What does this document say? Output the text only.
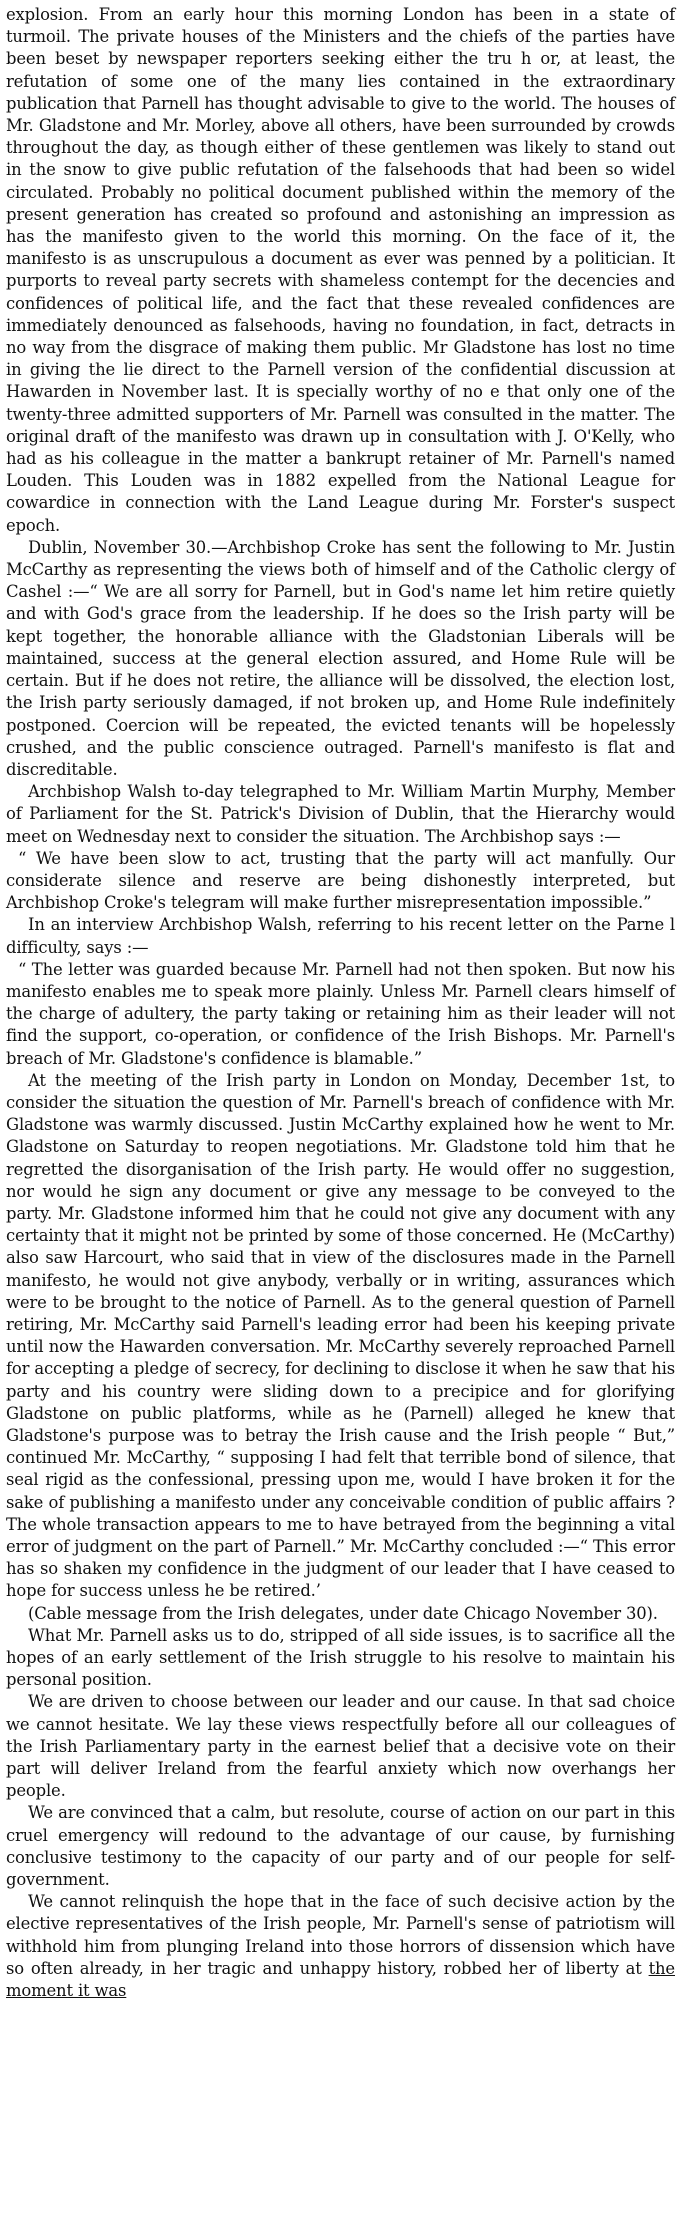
explosion. From an early hour this morning London has been in a state of turmoil. The private houses of the Ministers and the chiefs of the parties have been beset by newspaper reporters seeking either the tru h or, at least, the refutation of some one of the many lies contained in the extraordinary publication that Parnell has thought advisable to give to the world. The houses of Mr. Gladstone and Mr. Morley, above all others, have been surrounded by crowds throughout the day, as though either of these gentlemen was likely to stand out in the snow to give public refutation of the falsehoods that had been so widel circulated. Probably no political document published within the memory of the present generation has created so profound and astonishing an impression as has the manifesto given to the world this morning. On the face of it, the manifesto is as unscrupulous a document as ever was penned by a politician. It purports to reveal party secrets with shameless contempt for the decencies and confidences of political life, and the fact that these revealed confidences are immediately denounced as falsehoods, having no foundation, in fact, detracts in no way from the disgrace of making them public. Mr Gladstone has lost no time in giving the lie direct to the Parnell version of the confidential discussion at Hawarden in November last. It is specially worthy of no e that only one of the twenty-three admitted supporters of Mr. Parnell was consulted in the matter. The original draft of the manifesto was drawn up in consultation with J. O'Kelly, who had as his colleague in the matter a bankrupt retainer of Mr. Parnell's named Louden. This Louden was in 1882 expelled from the National League for cowardice in connection with the Land League during Mr. Forster's suspect epoch.

Dublin, November 30.—Archbishop Croke has sent the following to Mr. Justin McCarthy as representing the views both of himself and of the Catholic clergy of Cashel :—“ We are all sorry for Parnell, but in God's name let him retire quietly and with God's grace from the leadership. If he does so the Irish party will be kept together, the honorable alliance with the Gladstonian Liberals will be maintained, success at the general election assured, and Home Rule will be certain. But if he does not retire, the alliance will be dissolved, the election lost, the Irish party seriously damaged, if not broken up, and Home Rule indefinitely postponed. Coercion will be repeated, the evicted tenants will be hopelessly crushed, and the public conscience outraged. Parnell's manifesto is flat and discreditable.

Archbishop Walsh to-day telegraphed to Mr. William Martin Murphy, Member of Parliament for the St. Patrick's Division of Dublin, that the Hierarchy would meet on Wednesday next to consider the situation. The Archbishop says :—

“ We have been slow to act, trusting that the party will act manfully. Our considerate silence and reserve are being dishonestly interpreted, but Archbishop Croke's telegram will make further misrepresentation impossible.”

In an interview Archbishop Walsh, referring to his recent letter on the Parne l difficulty, says :—

“ The letter was guarded because Mr. Parnell had not then spoken. But now his manifesto enables me to speak more plainly. Unless Mr. Parnell clears himself of the charge of adultery, the party taking or retaining him as their leader will not find the support, co-operation, or confidence of the Irish Bishops. Mr. Parnell's breach of Mr. Gladstone's confidence is blamable.”

At the meeting of the Irish party in London on Monday, December 1st, to consider the situation the question of Mr. Parnell's breach of confidence with Mr. Gladstone was warmly discussed. Justin McCarthy explained how he went to Mr. Gladstone on Saturday to reopen negotiations. Mr. Gladstone told him that he regretted the disorganisation of the Irish party. He would offer no suggestion, nor would he sign any document or give any message to be conveyed to the party. Mr. Gladstone informed him that he could not give any document with any certainty that it might not be printed by some of those concerned. He (McCarthy) also saw Harcourt, who said that in view of the disclosures made in the Parnell manifesto, he would not give anybody, verbally or in writing, assurances which were to be brought to the notice of Parnell. As to the general question of Parnell retiring, Mr. McCarthy said Parnell's leading error had been his keeping private until now the Hawarden conversation. Mr. McCarthy severely reproached Parnell for accepting a pledge of secrecy, for declining to disclose it when he saw that his party and his country were sliding down to a precipice and for glorifying Gladstone on public platforms, while as he (Parnell) alleged he knew that Gladstone's purpose was to betray the Irish cause and the Irish people “ But,” continued Mr. McCarthy, “ supposing I had felt that terrible bond of silence, that seal rigid as the confessional, pressing upon me, would I have broken it for the sake of publishing a manifesto under any conceivable condition of public affairs ? The whole transaction appears to me to have betrayed from the beginning a vital error of judgment on the part of Parnell.” Mr. McCarthy concluded :—“ This error has so shaken my confidence in the judgment of our leader that I have ceased to hope for success unless he be retired.’

(Cable message from the Irish delegates, under date Chicago November 30).

What Mr. Parnell asks us to do, stripped of all side issues, is to sacrifice all the hopes of an early settlement of the Irish struggle to his resolve to maintain his personal position.

We are driven to choose between our leader and our cause. In that sad choice we cannot hesitate. We lay these views respectfully before all our colleagues of the Irish Parliamentary party in the earnest belief that a decisive vote on their part will deliver Ireland from the fearful anxiety which now overhangs her people.

We are convinced that a calm, but resolute, course of action on our part in this cruel emergency will redound to the advantage of our cause, by furnishing conclusive testimony to the capacity of our party and of our people for self-government.

We cannot relinquish the hope that in the face of such decisive action by the elective representatives of the Irish people, Mr. Parnell's sense of patriotism will withhold him from plunging Ireland into those horrors of dissension which have so often already, in her tragic and unhappy history, robbed her of liberty at the moment it was
